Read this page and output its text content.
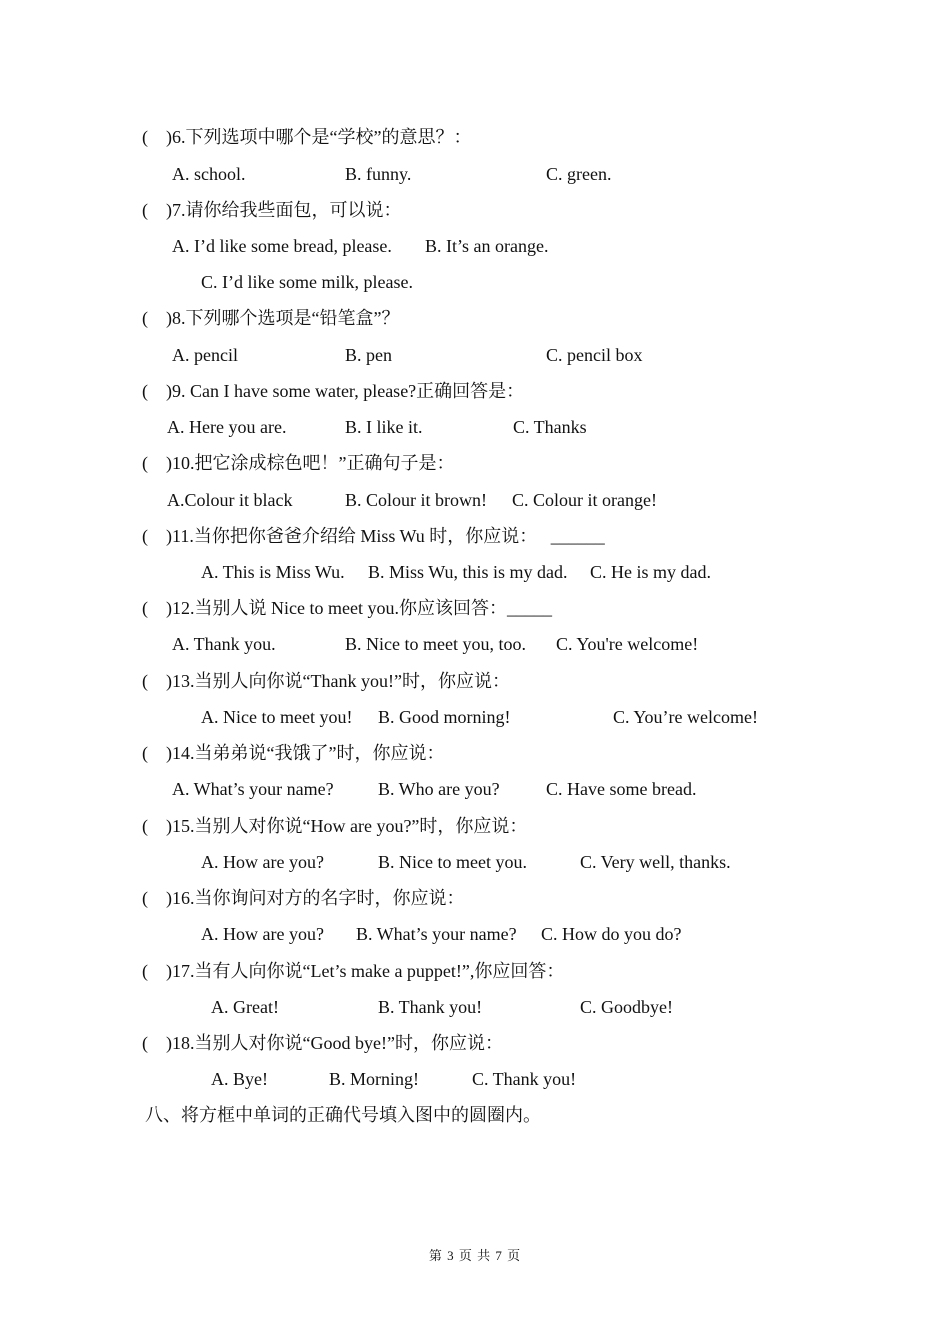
(    )6.下列选项中哪个是“学校”的意思？：
A. school.	B. funny.	C. green.
(    )7.请你给我些面包，可以说：
A. I’d like some bread, please. B. It’s an orange.
C. I’d like some milk, please.
(    )8.下列哪个选项是“铅笔盒”？
A. pencil	B. pen	C. pencil box
(    )9. Can I have some water, please?正确回答是：
A. Here you are.	B. I like it.	C. Thanks
(    )10.把它涂成棕色吧！”正确句子是：
A.Colour it black	B. Colour it brown! C. Colour it orange!
(    )11.当你把你爸爸介绍给 Miss Wu 时，你应说：   ______
A. This is Miss Wu. B. Miss Wu, this is my dad. C. He is my dad.
(    )12.当别人说 Nice to meet you.你应该回答：_____
A. Thank you.	B. Nice to meet you, too. C. You're welcome!
(    )13.当别人向你说“Thank you!”时，你应说：
A. Nice to meet you! B. Good morning!	C. You’re welcome!
(    )14.当弟弟说“我饿了”时，你应说：
A. What’s your name? B. Who are you?	C. Have some bread.
(    )15.当别人对你说“How are you?”时，你应说：
A. How are you?	B. Nice to meet you.	C. Very well, thanks.
(    )16.当你询问对方的名字时，你应说：
A. How are you? B. What’s your name? C. How do you do?
(    )17.当有人向你说“Let’s make a puppet!”,你应回答：
A. Great!	B. Thank you!	C. Goodbye!
(    )18.当别人对你说“Good bye!”时，你应说：
A. Bye!	B. Morning!	C. Thank you!
八、将方框中单词的正确代号填入图中的圆圈内。
第 3 页 共 7 页
